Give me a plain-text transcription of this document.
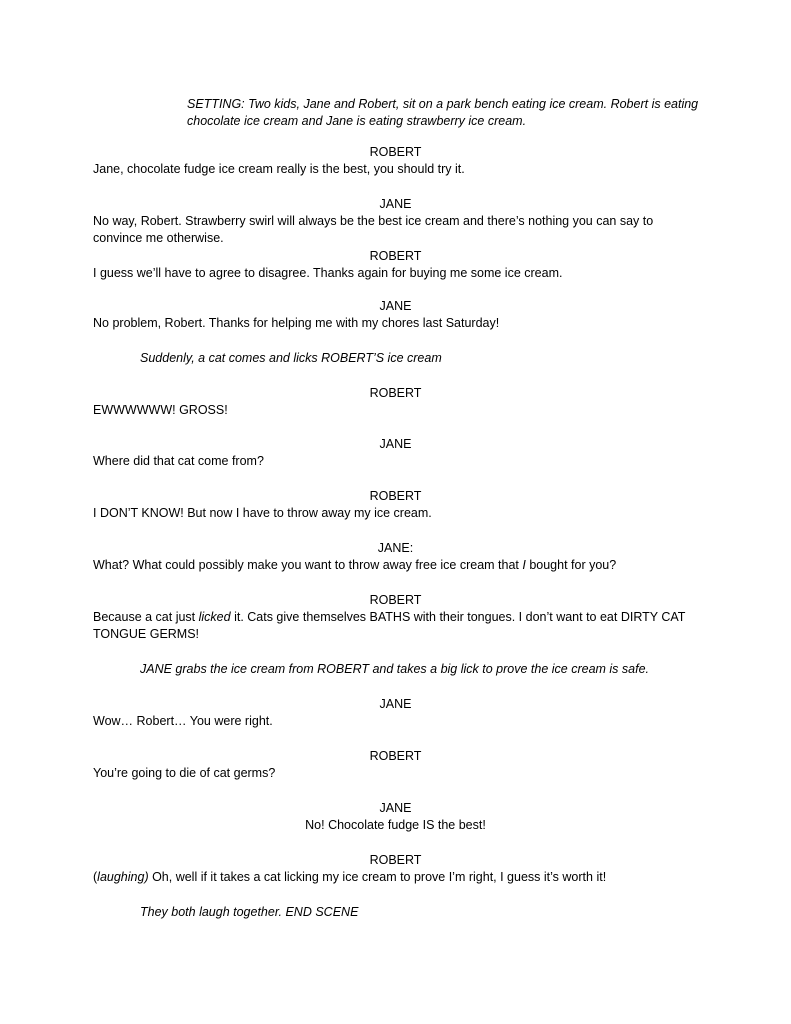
SETTING: Two kids, Jane and Robert, sit on a park bench eating ice cream. Robert is eating chocolate ice cream and Jane is eating strawberry ice cream.
ROBERT
Jane, chocolate fudge ice cream really is the best, you should try it.
JANE
No way, Robert. Strawberry swirl will always be the best ice cream and there’s nothing you can say to convince me otherwise.
ROBERT
I guess we’ll have to agree to disagree. Thanks again for buying me some ice cream.
JANE
No problem, Robert. Thanks for helping me with my chores last Saturday!
Suddenly, a cat comes and licks ROBERT’S ice cream
ROBERT
EWWWWWW! GROSS!
JANE
Where did that cat come from?
ROBERT
I DON’T KNOW! But now I have to throw away my ice cream.
JANE:
What? What could possibly make you want to throw away free ice cream that I bought for you?
ROBERT
Because a cat just licked it. Cats give themselves BATHS with their tongues. I don’t want to eat DIRTY CAT TONGUE GERMS!
JANE grabs the ice cream from ROBERT and takes a big lick to prove the ice cream is safe.
JANE
Wow… Robert… You were right.
ROBERT
You’re going to die of cat germs?
JANE
No! Chocolate fudge IS the best!
ROBERT
(laughing) Oh, well if it takes a cat licking my ice cream to prove I’m right, I guess it’s worth it!
They both laugh together. END SCENE
